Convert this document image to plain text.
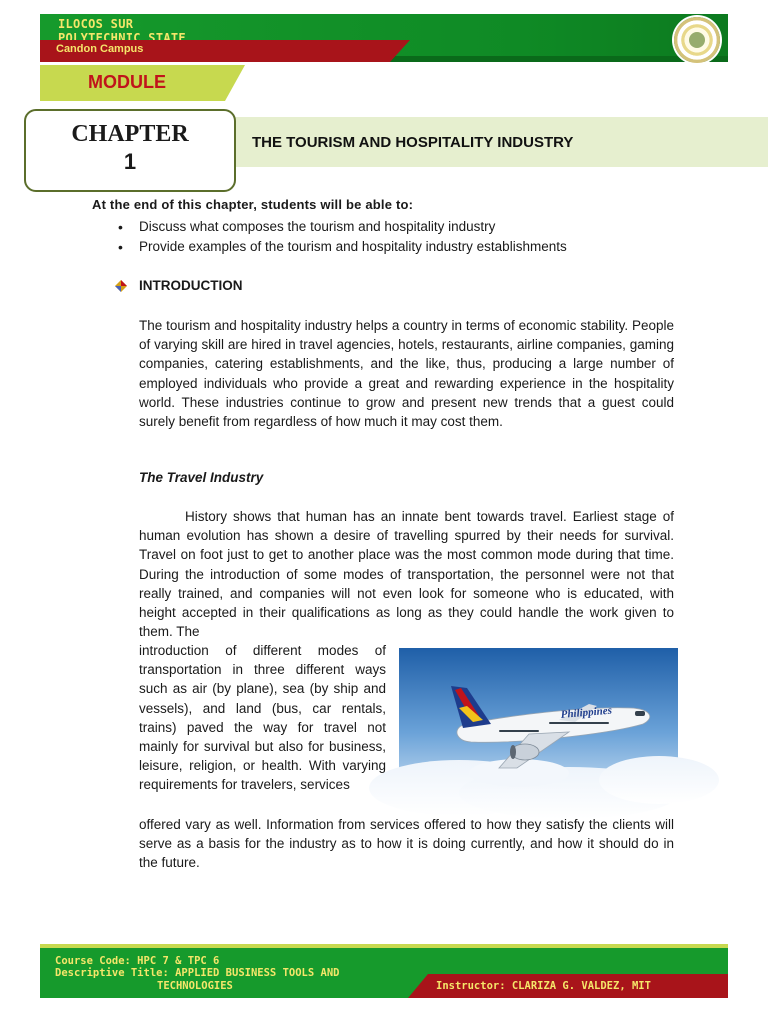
ILOCOS SUR

Candon Campus
MODULE
CHAPTER
1
THE TOURISM AND HOSPITALITY INDUSTRY
At the end of this chapter, students will be able to:
• Discuss what composes the tourism and hospitality industry
• Provide examples of the tourism and hospitality industry establishments
INTRODUCTION

The tourism and hospitality industry helps a country in terms of economic stability. People of varying skill are hired in travel agencies, hotels, restaurants, airline companies, gaming companies, catering establishments, and the like, thus, producing a large number of employed individuals who provide a great and rewarding experience in the hospitality world. These industries continue to grow and present new trends that a guest could surely benefit from regardless of how much it may cost them.

The Travel Industry

History shows that human has an innate bent towards travel. Earliest stage of human evolution has shown a desire of travelling spurred by their needs for survival. Travel on foot just to get to another place was the most common mode during that time. During the introduction of some modes of transportation, the personnel were not that really trained, and companies will not even look for someone who is educated, with height accepted in their qualifications as long as they could handle the work given to them. The

introduction of different modes of transportation in three different ways such as air (by plane), sea (by ship and vessels), and land (bus, car rentals, trains) paved the way for travel not mainly for survival but also for business, leisure, religion, or health. With varying requirements for travelers, services

Philippines

offered vary as well. Information from services offered to how they satisfy the clients will serve as a basis for the industry as to how it is doing currently, and how it should do in the future.

Course Code: HPC 7 & TPC 6
Descriptive Title: APPLIED BUSINESS TOOLS AND
TECHNOLOGIES	Instructor: CLARIZA G. VALDEZ, MIT
